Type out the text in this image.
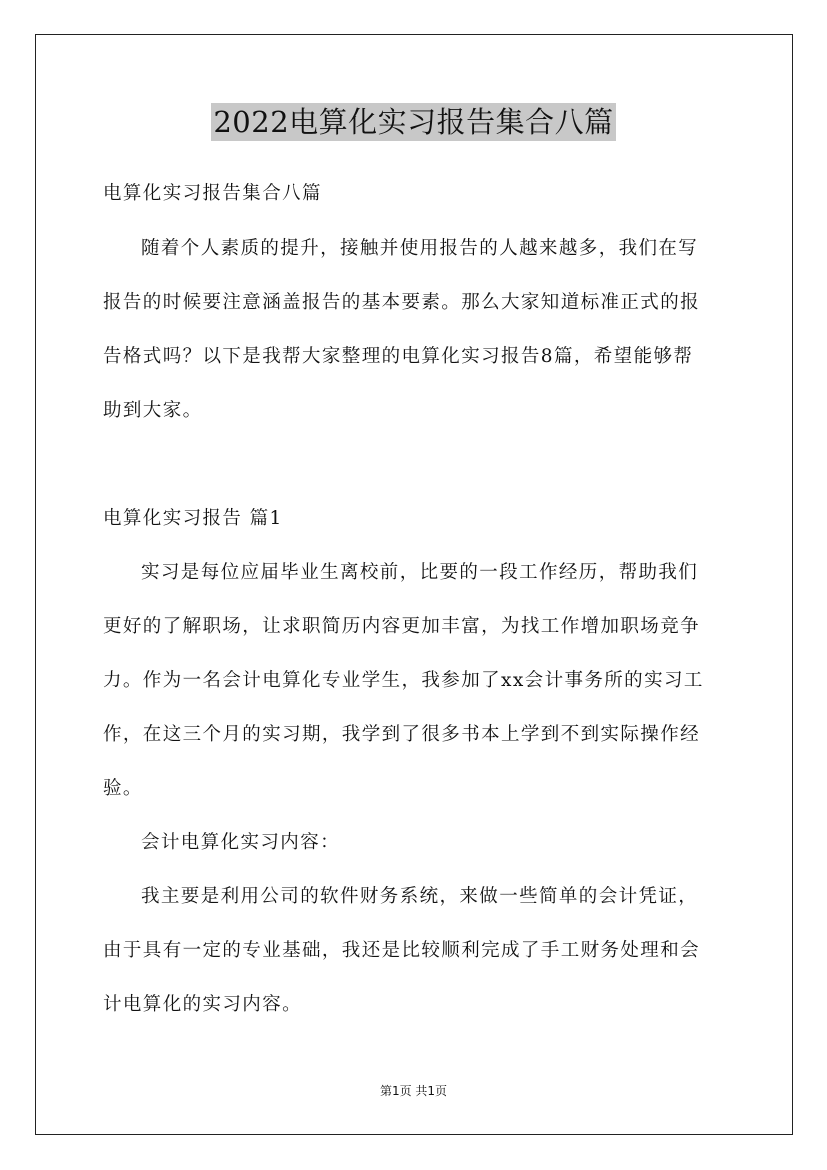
2022电算化实习报告集合八篇
电算化实习报告集合八篇
随着个人素质的提升，接触并使用报告的人越来越多，我们在写
报告的时候要注意涵盖报告的基本要素。那么大家知道标准正式的报
告格式吗？以下是我帮大家整理的电算化实习报告8篇，希望能够帮
助到大家。
电算化实习报告 篇1
实习是每位应届毕业生离校前，比要的一段工作经历，帮助我们
更好的了解职场，让求职简历内容更加丰富，为找工作增加职场竞争
力。作为一名会计电算化专业学生，我参加了xx会计事务所的实习工
作，在这三个月的实习期，我学到了很多书本上学到不到实际操作经
验。
会计电算化实习内容：
我主要是利用公司的软件财务系统，来做一些简单的会计凭证，
由于具有一定的专业基础，我还是比较顺利完成了手工财务处理和会
计电算化的实习内容。
第1页 共1页
